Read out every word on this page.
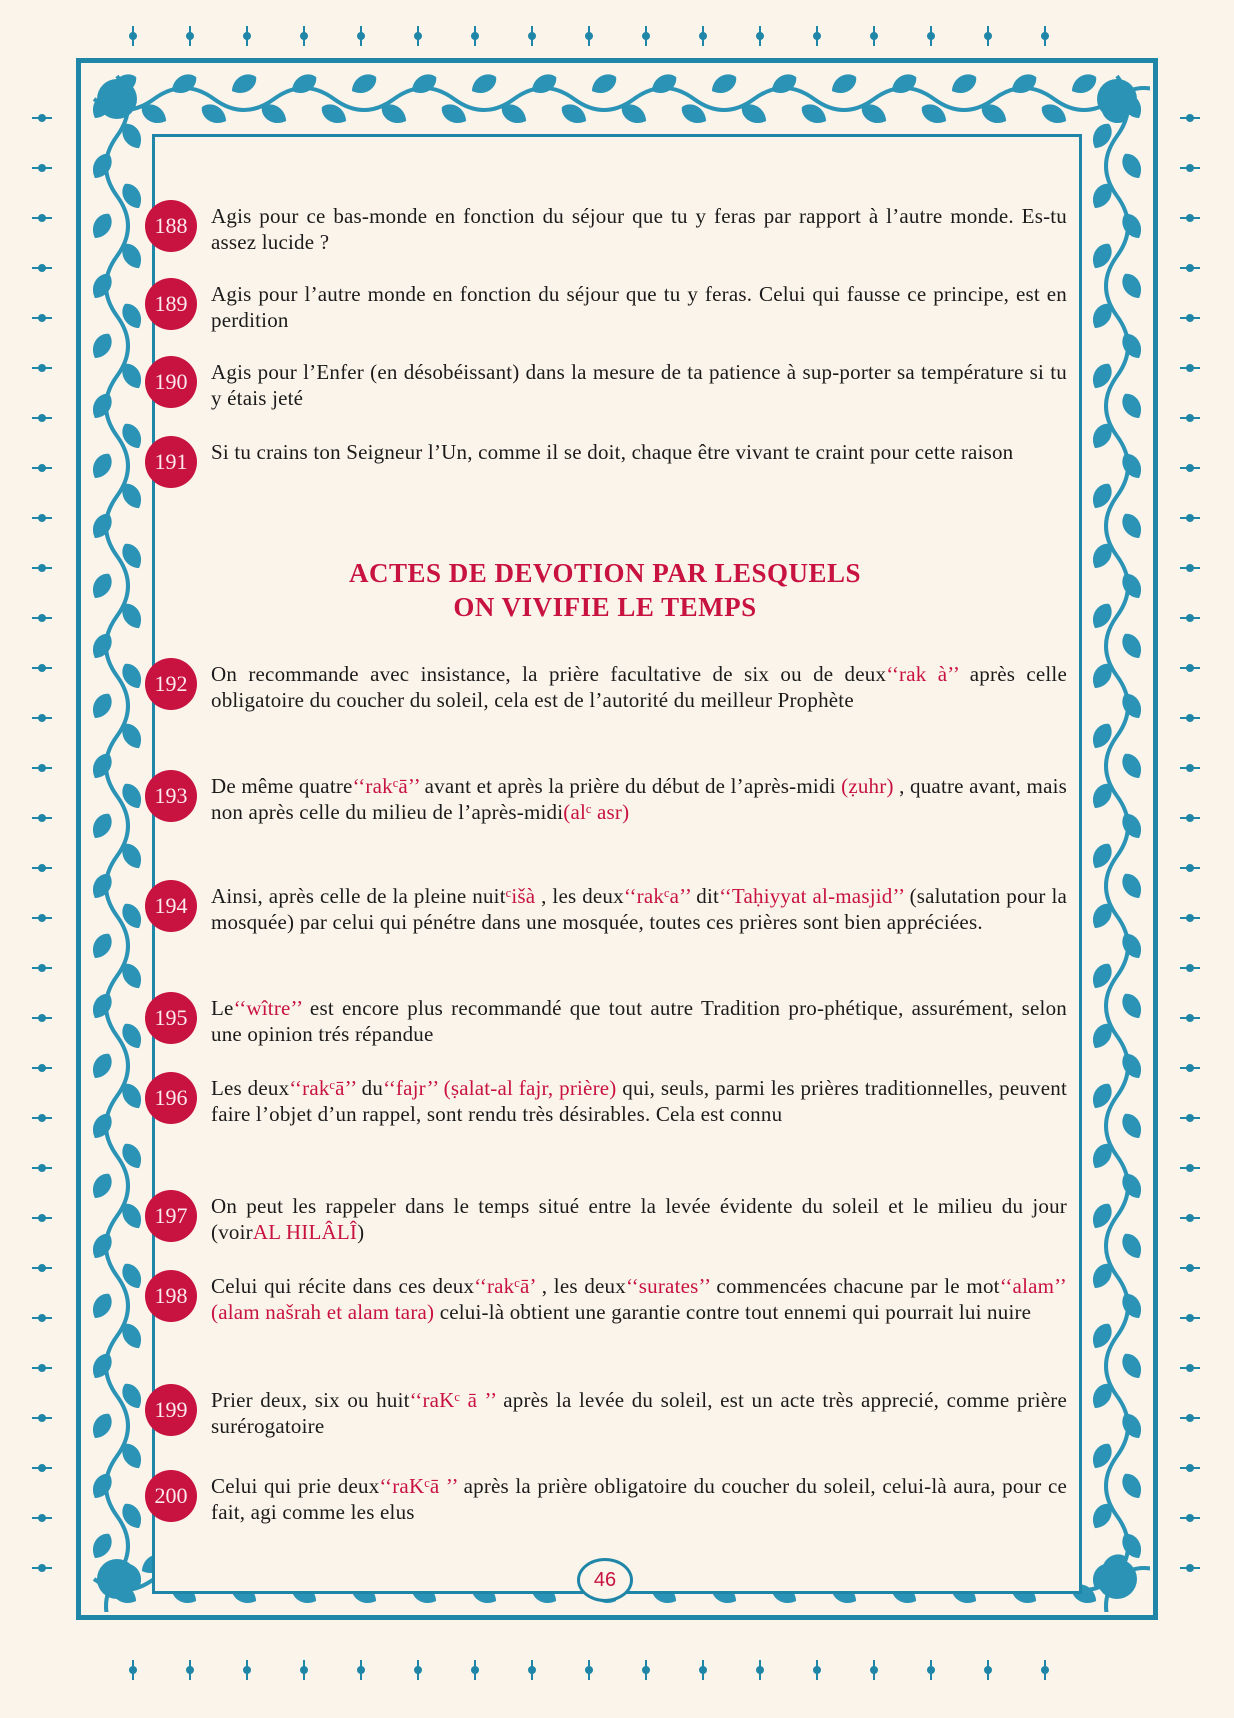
188	Agis pour ce bas-monde en fonction du séjour que tu y feras par rapport à l’autre monde. Es-tu assez lucide ?
189	Agis pour l’autre monde en fonction du séjour que tu y feras. Celui qui fausse ce principe, est en perdition
190	Agis pour l’Enfer (en désobéissant) dans la mesure de ta patience à sup-porter sa température si tu y étais jeté
191	Si tu crains ton Seigneur l’Un, comme il se doit, chaque être vivant te craint pour cette raison
ACTES DE DEVOTION PAR LESQUELS
ON VIVIFIE LE TEMPS
192	On recommande avec insistance, la prière facultative de six ou de deux‘‘rak à’’ après celle obligatoire du coucher du soleil, cela est de l’autorité du meilleur Prophète
193	De même quatre‘‘rakᶜā’’ avant et après la prière du début de l’après-midi (ẓuhr) , quatre avant, mais non après celle du milieu de l’après-midi(alᶜ asr)
194	Ainsi, après celle de la pleine nuitᶜišà , les deux‘‘rakᶜa’’ dit‘‘Taḥiyyat al-masjid’’ (salutation pour la mosquée) par celui qui pénétre dans une mosquée, toutes ces prières sont bien appréciées.
195	Le‘‘wître’’ est encore plus recommandé que tout autre Tradition pro-phétique, assurément, selon une opinion trés répandue
196	Les deux‘‘rakᶜā’’ du‘‘fajr’’ (ṣalat-al fajr, prière) qui, seuls, parmi les prières traditionnelles, peuvent faire l’objet d’un rappel, sont rendu très désirables. Cela est connu
197	On peut les rappeler dans le temps situé entre la levée évidente du soleil et le milieu du jour (voirAL HILÂLÎ)
198	Celui qui récite dans ces deux‘‘rakᶜā’ , les deux‘‘surates’’ commencées chacune par le mot‘‘alam’’ (alam našrah et alam tara) celui-là obtient une garantie contre tout ennemi qui pourrait lui nuire
199	Prier deux, six ou huit‘‘raKᶜ ā ’’ après la levée du soleil, est un acte très apprecié, comme prière surérogatoire
200	Celui qui prie deux‘‘raKᶜā ’’ après la prière obligatoire du coucher du soleil, celui-là aura, pour ce fait, agi comme les elus
46
